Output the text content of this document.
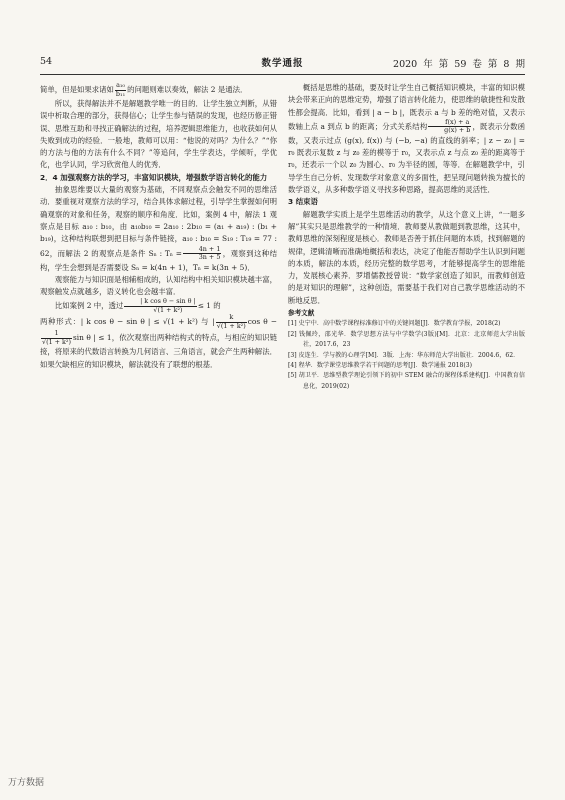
54	数学通报	2020 年 第 59 卷 第 8 期

简单，但是如果求诸如 $\frac{\text{a₁₀}}{\text{b₁₁}}$ 的问题则难以奏效，解法 2 是通法．

所以，获得解法并不是解题教学唯一的目的．让学生独立判断，从错误中析取合理的部分，获得信心；让学生参与错误的发现，也经历修正错误、思维互助和寻找正确解法的过程，培养逻辑思维能力，也收获如何从失败到成功的经验．一般地，教师可以用：“他说的对吗？为什么？”“你的方法与他的方法有什么不同？”等追问，学生学表达，学倾听，学优化，也学认同，学习欣赏他人的优秀．

2．4 加强观察方法的学习，丰富知识模块，增强数学语言转化的能力

抽象思维要以大量的观察为基础，不同观察点会触发不同的思维活动．要重视对观察方法的学习，结合具体求解过程，引导学生掌握如何明确观察的对象和任务，观察的顺序和角度．比如，案例 4 中，解法 1 观察点是目标 a₁₀ : b₁₀，由 a₁₀b₁₀ = 2a₁₀ : 2b₁₀ = (a₁ + a₁₉) : (b₁ + b₁₉)，这种结构联想到把目标与条件链接，a₁₀ : b₁₀ = S₁₉ : T₁₉ = 77 : 62，而解法 2 的观察点是条件 Sₙ : $T_n = \frac{4n + 1}{3n + 5}$ ，观察到这种结构，学生会想到是否需要设 Sₙ = k(4n + 1)，Tₙ = k(3n + 5)．

观察能力与知识面是相辅相成的，认知结构中相关知识模块越丰富，观察触发点就越多，语义转化也会越丰富．

比如案例 2 中，透过 $\frac{\text{| k cos θ − sin θ |}}{\text{√(1 + k²)}} \le 1$ 的

两种形式：| k cos θ − sin θ | ≤ √(1 + k²) 与 | $\frac{k}{\text{√(1 + k²)}}$ cos θ −
$\frac{1}{\text{√(1 + k²)}}$ sin θ | ≤ 1，依次观察出两种结构式的特点，与相应的知识链接，将原来的代数语言转换为几何语言、三角语言，就会产生两种解法．如果欠缺相应的知识模块，解法就没有了联想的根基．

概括是思维的基础，要及时让学生自己概括知识模块，丰富的知识模块会带来正向的思维定势，增强了语言转化能力，使思维的敏捷性和发散性都会提高．比如，看到 | a − b |，既表示 a 与 b 差的绝对值，又表示数轴上点 a 到点 b 的距离；分式关系结构 $\frac{f(x) + a}{g(x) + b}$ ，既表示分数函数，又表示过点 (g(x), f(x)) 与 (−b, −a) 的直线的斜率；| z − z₀ | = r₀ 既表示复数 z 与 z₀ 差的模等于 r₀，又表示点 z 与点 z₀ 差的距离等于 r₀，还表示一个以 z₀ 为圆心、r₀ 为半径的圆，等等．在解题教学中，引导学生自己分析、发现数学对象意义的多面性，把呈现问题转换为擅长的数学语义，从多种数学语义寻找多种思路，提高思维的灵活性．

3 结束语

解题教学实质上是学生思维活动的教学，从这个意义上讲，“一题多解”其实只是思维教学的一种情境．教师要从教做题到教思维，这其中，教师思维的深刻程度是核心．教师是否善于抓住问题的本质，找到解题的规律，逻辑清晰而准确地概括和表达，决定了他能否帮助学生认识到问题的本质，解法的本质，经历完整的数学思考，才能够提高学生的思维能力，发展核心素养．罗增儒教授曾说：“数学家创造了知识，而教师创造的是对知识的理解”，这种创造，需要基于我们对自己教学思维活动的不断地反思．

参考文献

[1] 史宁中．高中数学课程标准修订中的关键问题[J]．数学教育学报，2018(2)

[2] 钱佩玲，邵光华．数学思想方法与中学数学(3版)[M]．北京：北京师范大学出版社，2017.6，23

[3] 皮连生．学与教的心理学[M]．3版．上海：华东师范大学出版社．2004.6，62．

[4] 程华．数学课堂思维教学若干问题的思考[J]．数学通报 2018(3)

[5] 胡卫平．思维型教学理论引领下的初中 STEM 融合的课程体系建构[J]．中国教育信息化，2019(02)

万方数据
